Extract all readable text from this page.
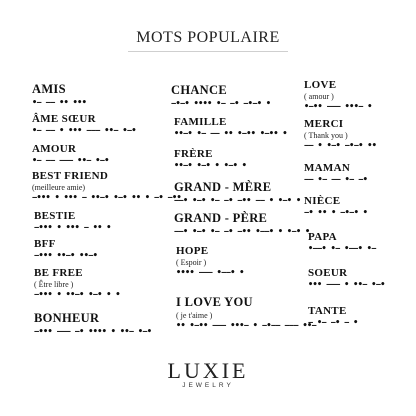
MOTS POPULAIRE
AMIS
•− −− •• •••
ÂME SŒUR
•− −− • ••• −−− ••− •−•
AMOUR
•− −− −−− ••− •−•
BEST FRIEND
(meilleure amie)
−••• • ••• − ••−• •−• •• • −• −••
BESTIE
−••• • ••• − •• •
BFF
−••• ••−• ••−•
BE FREE
( Être libre )
−••• • ••−• •−• • •
BONHEUR
−••• −−− −• •••• • ••− •−•
CHANCE
−•−• •••• •− −• −•−• •
FAMILLE
••−• •− −− •• •−•• •−•• •
FRÈRE
••−• •−• • •−• •
GRAND - MÈRE
−−• •−• •− −• −•• −− • •−• •
GRAND - PÈRE
−−• •−• •− −• −•• •−−• • •−• •
HOPE
( Espoir )
•••• −−− •−−• •
I LOVE YOU
( je t'aime )
•• •−•• −−− •••− • −•−− −−− ••−
LOVE
( amour )
•−•• −−− •••− •
MERCI
( Thank you )
−− • •−• −•−• ••
MAMAN
−− •− −− •− −•
NIÈCE
−• •• • −•−• •
PAPA
•−−• •− •−−• •−
SOEUR
••• −−− • ••− •−•
TANTE
− •− −• − •
LUXIE
JEWELRY
